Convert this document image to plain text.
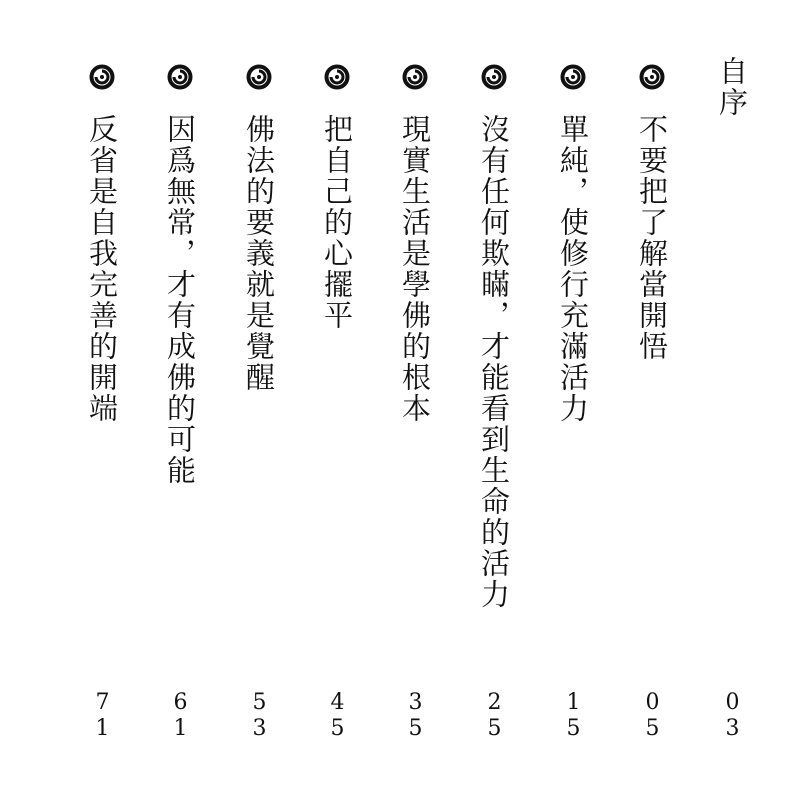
自序
03
不要把了解當開悟
05
單純，使修行充滿活力
15
沒有任何欺瞞，才能看到生命的活力
25
現實生活是學佛的根本
35
把自己的心擺平
45
佛法的要義就是覺醒
53
因爲無常，才有成佛的可能
61
反省是自我完善的開端
71
